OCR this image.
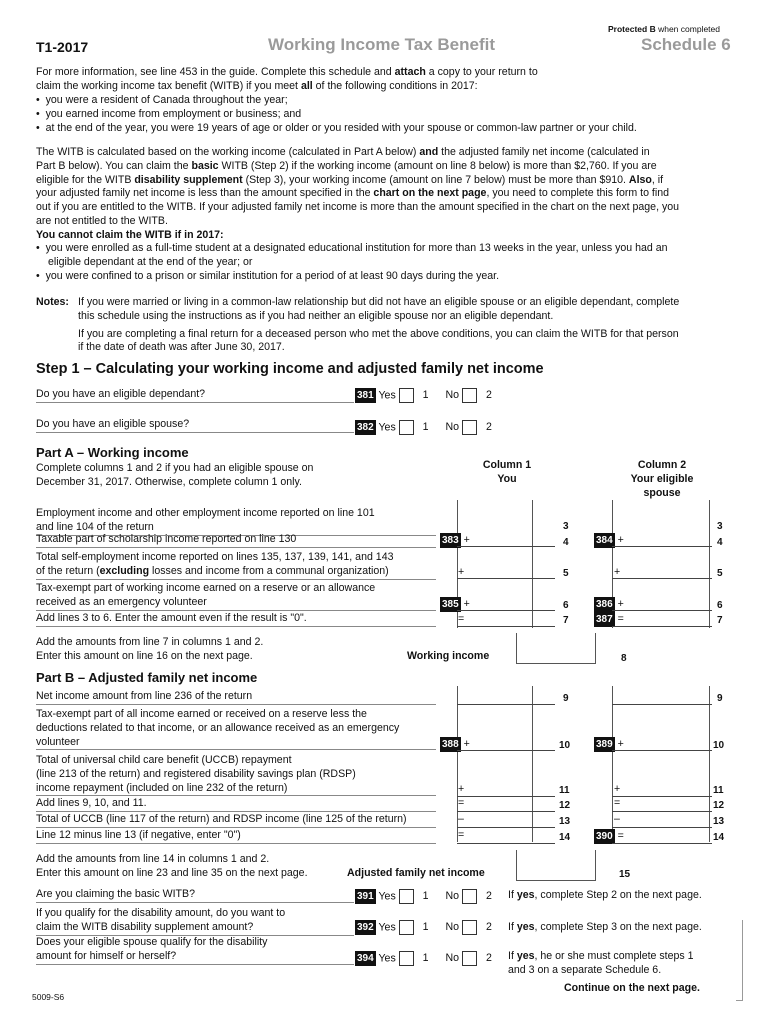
T1-2017	Working Income Tax Benefit
Protected B when completed
Schedule 6
For more information, see line 453 in the guide. Complete this schedule and attach a copy to your return to
claim the working income tax benefit (WITB) if you meet all of the following conditions in 2017:
•  you were a resident of Canada throughout the year;
•  you earned income from employment or business; and
•  at the end of the year, you were 19 years of age or older or you resided with your spouse or common-law partner or your child.
The WITB is calculated based on the working income (calculated in Part A below) and the adjusted family net income (calculated in
Part B below). You can claim the basic WITB (Step 2) if the working income (amount on line 8 below) is more than $2,760. If you are
eligible for the WITB disability supplement (Step 3), your working income (amount on line 7 below) must be more than $910. Also, if
your adjusted family net income is less than the amount specified in the chart on the next page, you need to complete this form to find
out if you are entitled to the WITB. If your adjusted family net income is more than the amount specified in the chart on the next page, you
are not entitled to the WITB.
You cannot claim the WITB if in 2017:
•  you were enrolled as a full-time student at a designated educational institution for more than 13 weeks in the year, unless you had an
eligible dependant at the end of the year; or
•  you were confined to a prison or similar institution for a period of at least 90 days during the year.
Notes: If you were married or living in a common-law relationship but did not have an eligible spouse or an eligible dependant, complete
this schedule using the instructions as if you had neither an eligible spouse nor an eligible dependant.
If you are completing a final return for a deceased person who met the above conditions, you can claim the WITB for that person
if the date of death was after June 30, 2017.
Step 1 – Calculating your working income and adjusted family net income
Do you have an eligible dependant?	381 Yes	1 No	2
Do you have an eligible spouse?	382 Yes	1 No	2
Part A – Working income
Complete columns 1 and 2 if you had an eligible spouse on
December 31, 2017. Otherwise, complete column 1 only.
Column 1
You
Column 2
Your eligible
spouse
Employment income and other employment income reported on line 101
and line 104 of the return	3	3
Taxable part of scholarship income reported on line 130	383 +	4	384 +	4
Total self-employment income reported on lines 135, 137, 139, 141, and 143
of the return (excluding losses and income from a communal organization)	+	5	+	5
Tax-exempt part of working income earned on a reserve or an allowance
received as an emergency volunteer	385 +	6	386 +	6
Add lines 3 to 6. Enter the amount even if the result is "0".	=	7	387 =	7
Add the amounts from line 7 in columns 1 and 2.
Enter this amount on line 16 on the next page.	Working income	8
Part B – Adjusted family net income
Net income amount from line 236 of the return	9	9
Tax-exempt part of all income earned or received on a reserve less the
deductions related to that income, or an allowance received as an emergency
volunteer	388 +	10	389 +	10
Total of universal child care benefit (UCCB) repayment
(line 213 of the return) and registered disability savings plan (RDSP)
income repayment (included on line 232 of the return)	+	11	+	11
Add lines 9, 10, and 11.	=	12	=	12
Total of UCCB (line 117 of the return) and RDSP income (line 125 of the return)	–	13	–	13
Line 12 minus line 13 (if negative, enter "0")	=	14	390 =	14
Add the amounts from line 14 in columns 1 and 2.
Enter this amount on line 23 and line 35 on the next page.	Adjusted family net income	15
Are you claiming the basic WITB?	391 Yes	1 No	2 If yes, complete Step 2 on the next page.
If you qualify for the disability amount, do you want to
claim the WITB disability supplement amount?	392 Yes	1 No	2 If yes, complete Step 3 on the next page.
Does your eligible spouse qualify for the disability
amount for himself or herself?	394 Yes	1 No	2 If yes, he or she must complete steps 1
and 3 on a separate Schedule 6.
5009-S6
Continue on the next page.
